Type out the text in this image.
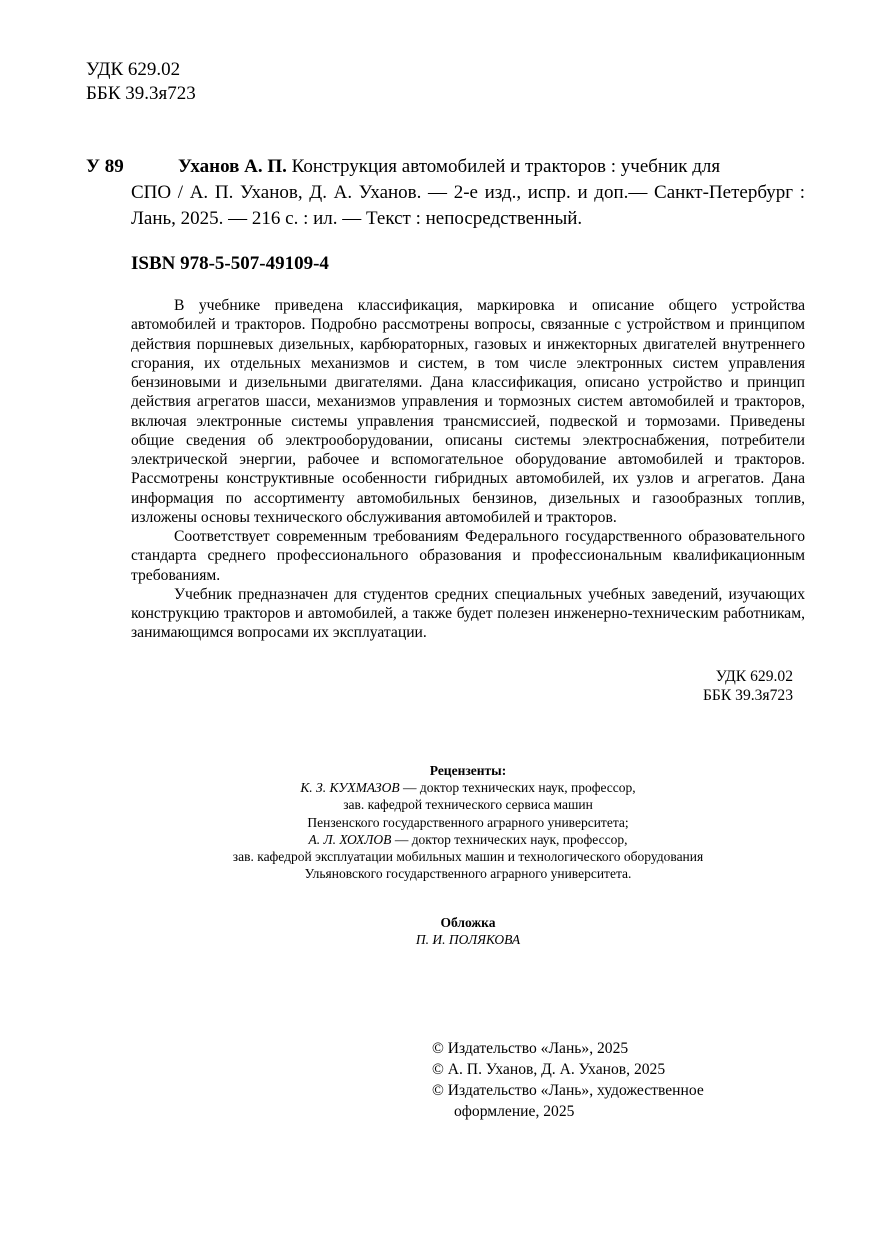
УДК 629.02
ББК 39.3я723
У 89	Уханов А. П. Конструкция автомобилей и тракторов : учебник для

СПО / А. П. Уханов, Д. А. Уханов. — 2-е изд., испр. и доп.— Санкт-Петербург : Лань, 2025. — 216 с. : ил. — Текст : непосредственный.

ISBN 978-5-507-49109-4

В учебнике приведена классификация, маркировка и описание общего устройства автомобилей и тракторов. Подробно рассмотрены вопросы, связанные с устройством и принципом действия поршневых дизельных, карбюраторных, газовых и инжекторных двигателей внутреннего сгорания, их отдельных механизмов и систем, в том числе электронных систем управления бензиновыми и дизельными двигателями. Дана классификация, описано устройство и принцип действия агрегатов шасси, механизмов управления и тормозных систем автомобилей и тракторов, включая электронные системы управления трансмиссией, подвеской и тормозами. Приведены общие сведения об электрооборудовании, описаны системы электроснабжения, потребители электрической энергии, рабочее и вспомогательное оборудование автомобилей и тракторов. Рассмотрены конструктивные особенности гибридных автомобилей, их узлов и агрегатов. Дана информация по ассортименту автомобильных бензинов, дизельных и газообразных топлив, изложены основы технического обслуживания автомобилей и тракторов.

Соответствует современным требованиям Федерального государственного образовательного стандарта среднего профессионального образования и профессиональным квалификационным требованиям.

Учебник предназначен для студентов средних специальных учебных заведений, изучающих конструкцию тракторов и автомобилей, а также будет полезен инженерно-техническим работникам, занимающимся вопросами их эксплуатации.

УДК 629.02
ББК 39.3я723
Рецензенты:
К. З. КУХМАЗОВ — доктор технических наук, профессор,
зав. кафедрой технического сервиса машин
Пензенского государственного аграрного университета;
А. Л. ХОХЛОВ — доктор технических наук, профессор,
зав. кафедрой эксплуатации мобильных машин и технологического оборудования
Ульяновского государственного аграрного университета.
Обложка
П. И. ПОЛЯКОВА
© Издательство «Лань», 2025
© А. П. Уханов, Д. А. Уханов, 2025
© Издательство «Лань», художественное
оформление, 2025
